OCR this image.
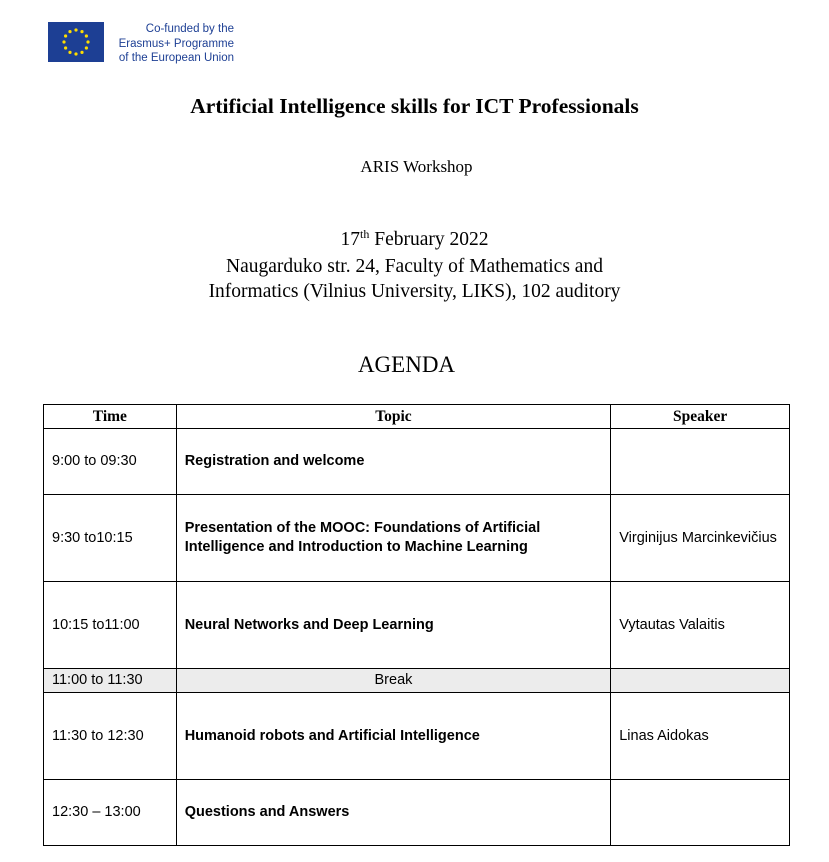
Co-funded by the
Erasmus+ Programme
of the European Union
Artificial Intelligence skills for ICT Professionals
ARIS Workshop
17th February 2022
Naugarduko str. 24, Faculty of Mathematics and
Informatics (Vilnius University, LIKS), 102 auditory
AGENDA
Time	Topic	Speaker
9:00 to 09:30	Registration and welcome	
9:30 to10:15	Presentation of the MOOC: Foundations of Artificial Intelligence and Introduction to Machine Learning	Virginijus Marcinkevičius
10:15 to11:00	Neural Networks and Deep Learning	Vytautas Valaitis
11:00 to 11:30	Break	
11:30 to 12:30	Humanoid robots and Artificial Intelligence	Linas Aidokas
12:30 – 13:00	Questions and Answers	
